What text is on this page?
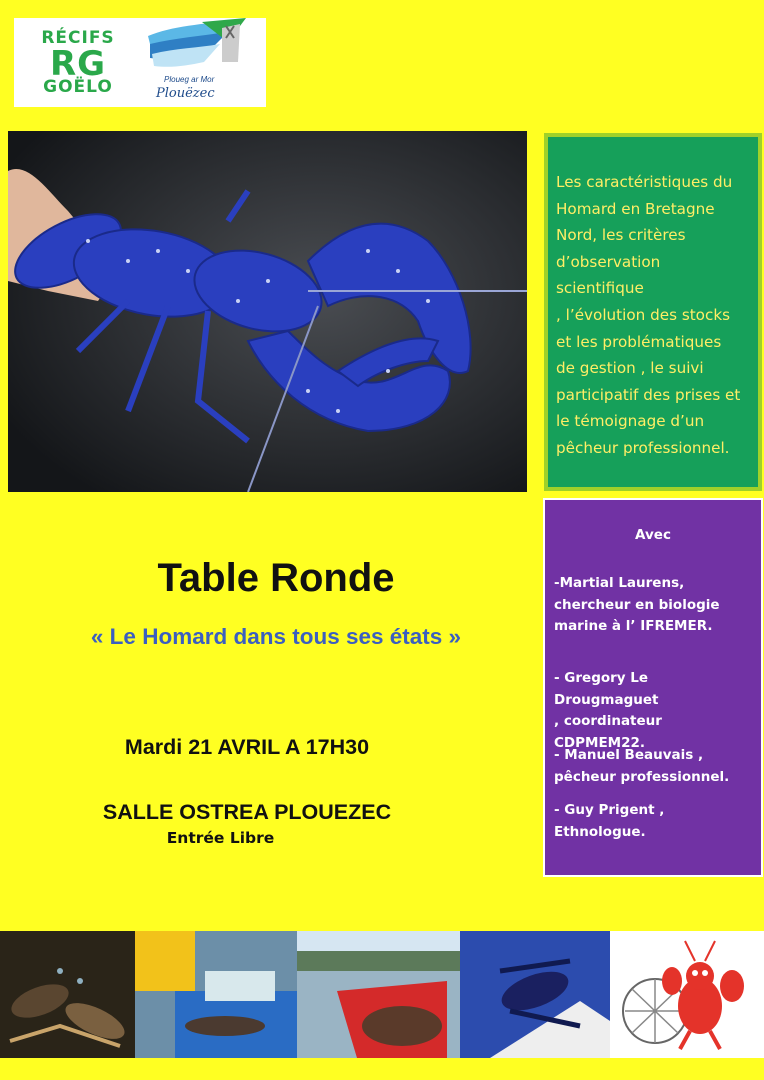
RÉCIFS
RG
GOËLO	Ploueg ar Mor
Plouëzec

Les caractéristiques du
Homard en Bretagne
Nord, les critères
d’observation
scientifique
, l’évolution des stocks
et les problématiques
de gestion , le suivi
participatif des prises et
le témoignage d’un
pêcheur professionnel.

Avec
-Martial Laurens,
chercheur en biologie
marine à l’ IFREMER.
- Gregory Le Drougmaguet
, coordinateur
CDPMEM22.
- Manuel Beauvais ,
pêcheur professionnel.
- Guy Prigent ,
Ethnologue.
Table Ronde
« Le Homard dans tous ses états »
Mardi 21 AVRIL A 17H30
SALLE OSTREA PLOUEZEC
Entrée Libre
